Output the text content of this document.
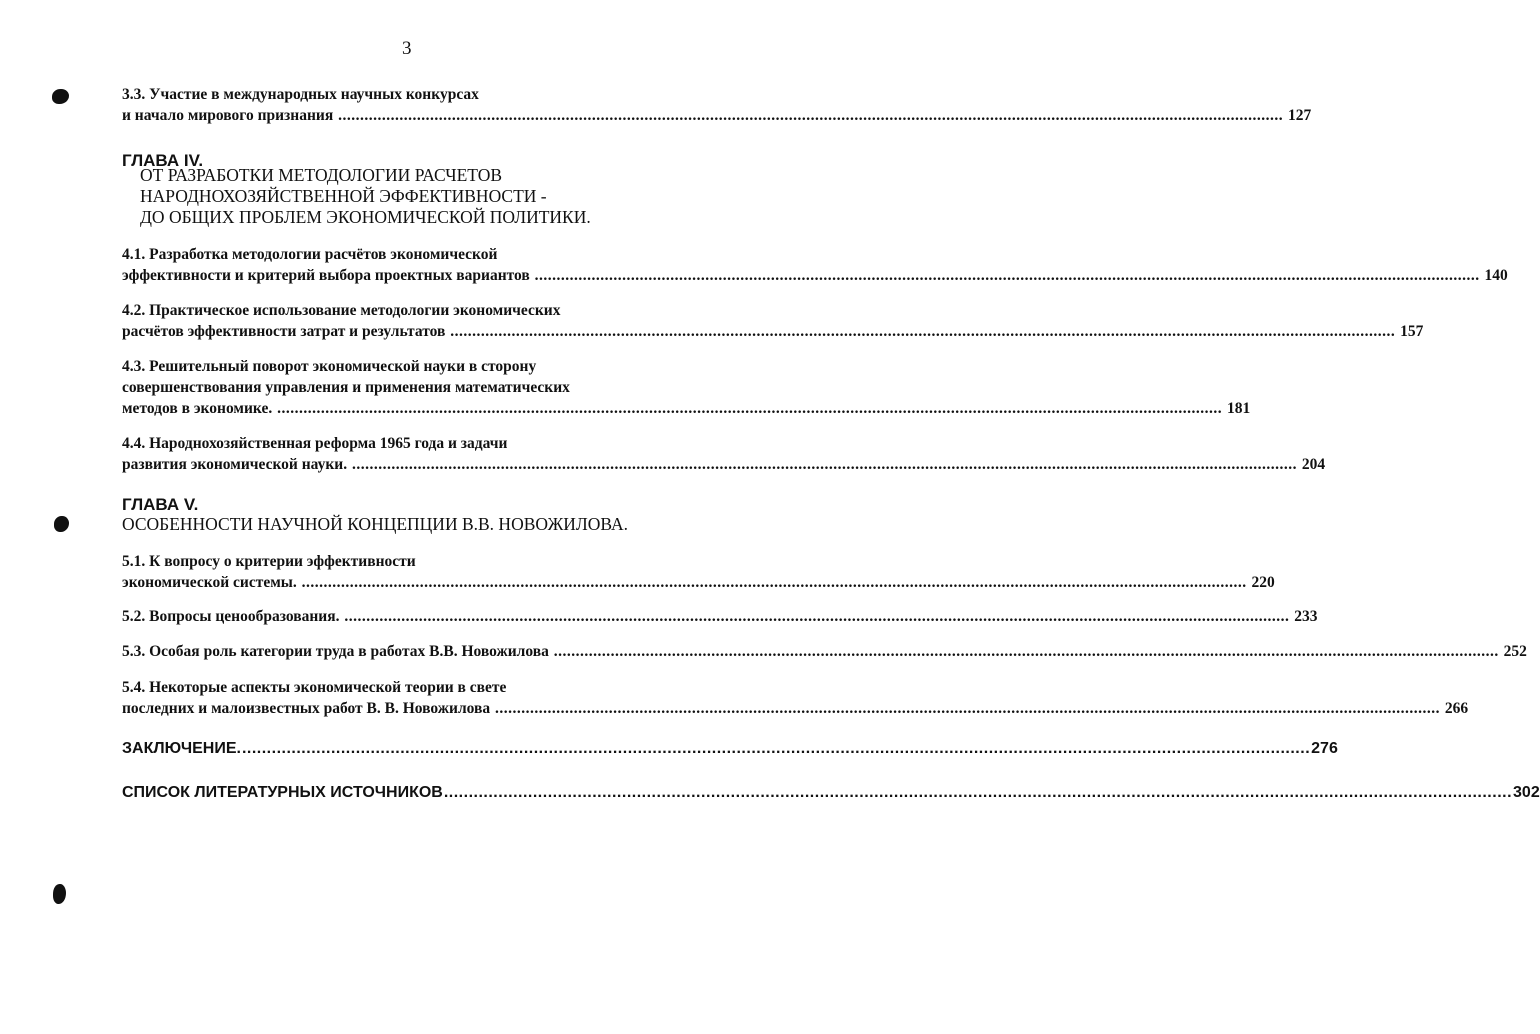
3
3.3. Участие в международных научных конкурсах
и начало мирового признания .....	127
ГЛАВА IV.
ОТ РАЗРАБОТКИ МЕТОДОЛОГИИ РАСЧЕТОВ
НАРОДНОХОЗЯЙСТВЕННОЙ ЭФФЕКТИВНОСТИ -
ДО ОБЩИХ ПРОБЛЕМ ЭКОНОМИЧЕСКОЙ ПОЛИТИКИ.
4.1. Разработка методологии расчётов экономической
эффективности и критерий выбора проектных вариантов .....	140
4.2. Практическое использование методологии экономических
расчётов эффективности затрат и результатов .....	157
4.3. Решительный поворот экономической науки в сторону
совершенствования управления и применения математических
методов в экономике. .....	181
4.4. Народнохозяйственная реформа 1965 года и задачи
развития экономической науки. .....	204
ГЛАВА V.
ОСОБЕННОСТИ НАУЧНОЙ КОНЦЕПЦИИ В.В. НОВОЖИЛОВА.
5.1. К вопросу о критерии эффективности
экономической системы. .....	220
5.2. Вопросы ценообразования. .....	233
5.3. Особая роль категории труда в работах В.В. Новожилова .....	252
5.4. Некоторые аспекты экономической теории в свете
последних и малоизвестных работ В. В. Новожилова .....	266
ЗАКЛЮЧЕНИЕ. .....	276
СПИСОК ЛИТЕРАТУРНЫХ ИСТОЧНИКОВ .....	302
